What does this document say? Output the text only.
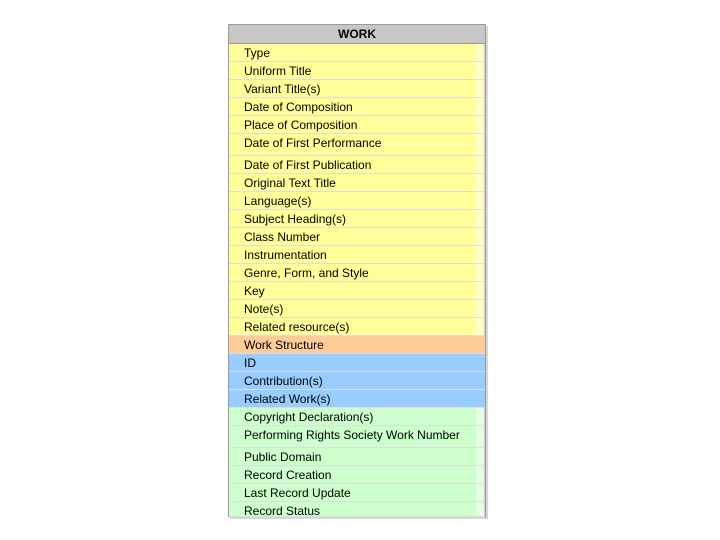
WORK
Type
Uniform Title
Variant Title(s)
Date of Composition
Place of Composition
Date of First Performance
Date of First Publication
Original Text Title
Language(s)
Subject Heading(s)
Class Number
Instrumentation
Genre, Form, and Style
Key
Note(s)
Related resource(s)
Work Structure
ID
Contribution(s)
Related Work(s)
Copyright Declaration(s)
Performing Rights Society Work Number
Public Domain
Record Creation
Last Record Update
Record Status
